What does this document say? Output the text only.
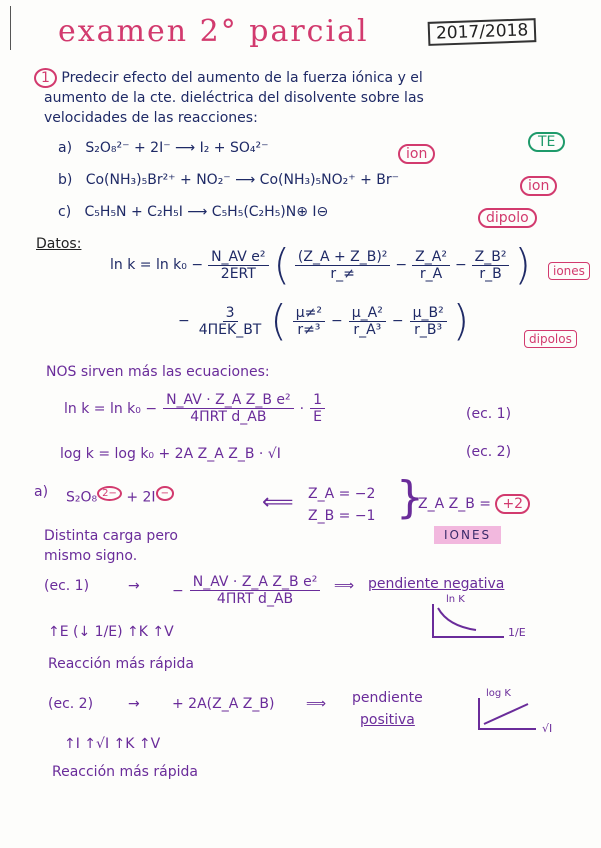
examen 2° parcial	2017/2018
1 Predecir efecto del aumento de la fuerza iónica y el
aumento de la cte. dieléctrica del disolvente sobre las
velocidades de las reacciones:
a) S₂O₈²⁻ + 2I⁻ ⟶ I₂ + SO₄²⁻	ion
TE
b) Co(NH₃)₅Br²⁺ + NO₂⁻ ⟶ Co(NH₃)₅NO₂⁺ + Br⁻	ion
c) C₅H₅N + C₂H₅I ⟶ C₅H₅(C₂H₅)N⊕ I⊖	dipolo
Datos:
$\ln k = \ln k_0 - \frac{\text{N\_AV e²}}{\text{2ERT}}$ ( $\frac{\text{(Z\_A + Z\_B)²}}{r\_\ne} - \frac{\text{Z\_A²}}{r\_A} - \frac{\text{Z\_B²}}{r\_B}$ )	iones
− $\frac{3}{\text{4ΠEK\_BT}}$ ( $\frac{\text{μ≠²}}{\text{r≠³}} - \frac{\text{μ\_A²}}{\text{r\_A³}} - \frac{\text{μ\_B²}}{\text{r\_B³}}$ )	dipolos
NOS sirven más las ecuaciones:
$\ln k = \ln k_0 - \frac{\text{N\_AV · Z\_A Z\_B e²}}{\text{4ΠRT d\_AB}} \cdot \frac{1}{E}$	(ec. 1)
log k = log k₀ + 2A Z_A Z_B · √I	(ec. 2)
a) S₂O₈ $^{2-}$ + 2I −	⟸ Z_A = −2
Z_B = −1 }
Z_A Z_B = +2
IONES
Distinta carga pero
mismo signo.
(ec. 1)	→ − $\frac{\text{N\_AV · Z\_A Z\_B e²}}{\text{4ΠRT d\_AB}}$ ⟹ pendiente negativa
ln K
1/E
↑E (↓ 1/E) ↑K ↑V
Reacción más rápida
(ec. 2) → + 2A(Z_A Z_B) ⟹ pendiente
positiva
log K
√I
↑I ↑√I ↑K ↑V
Reacción más rápida
